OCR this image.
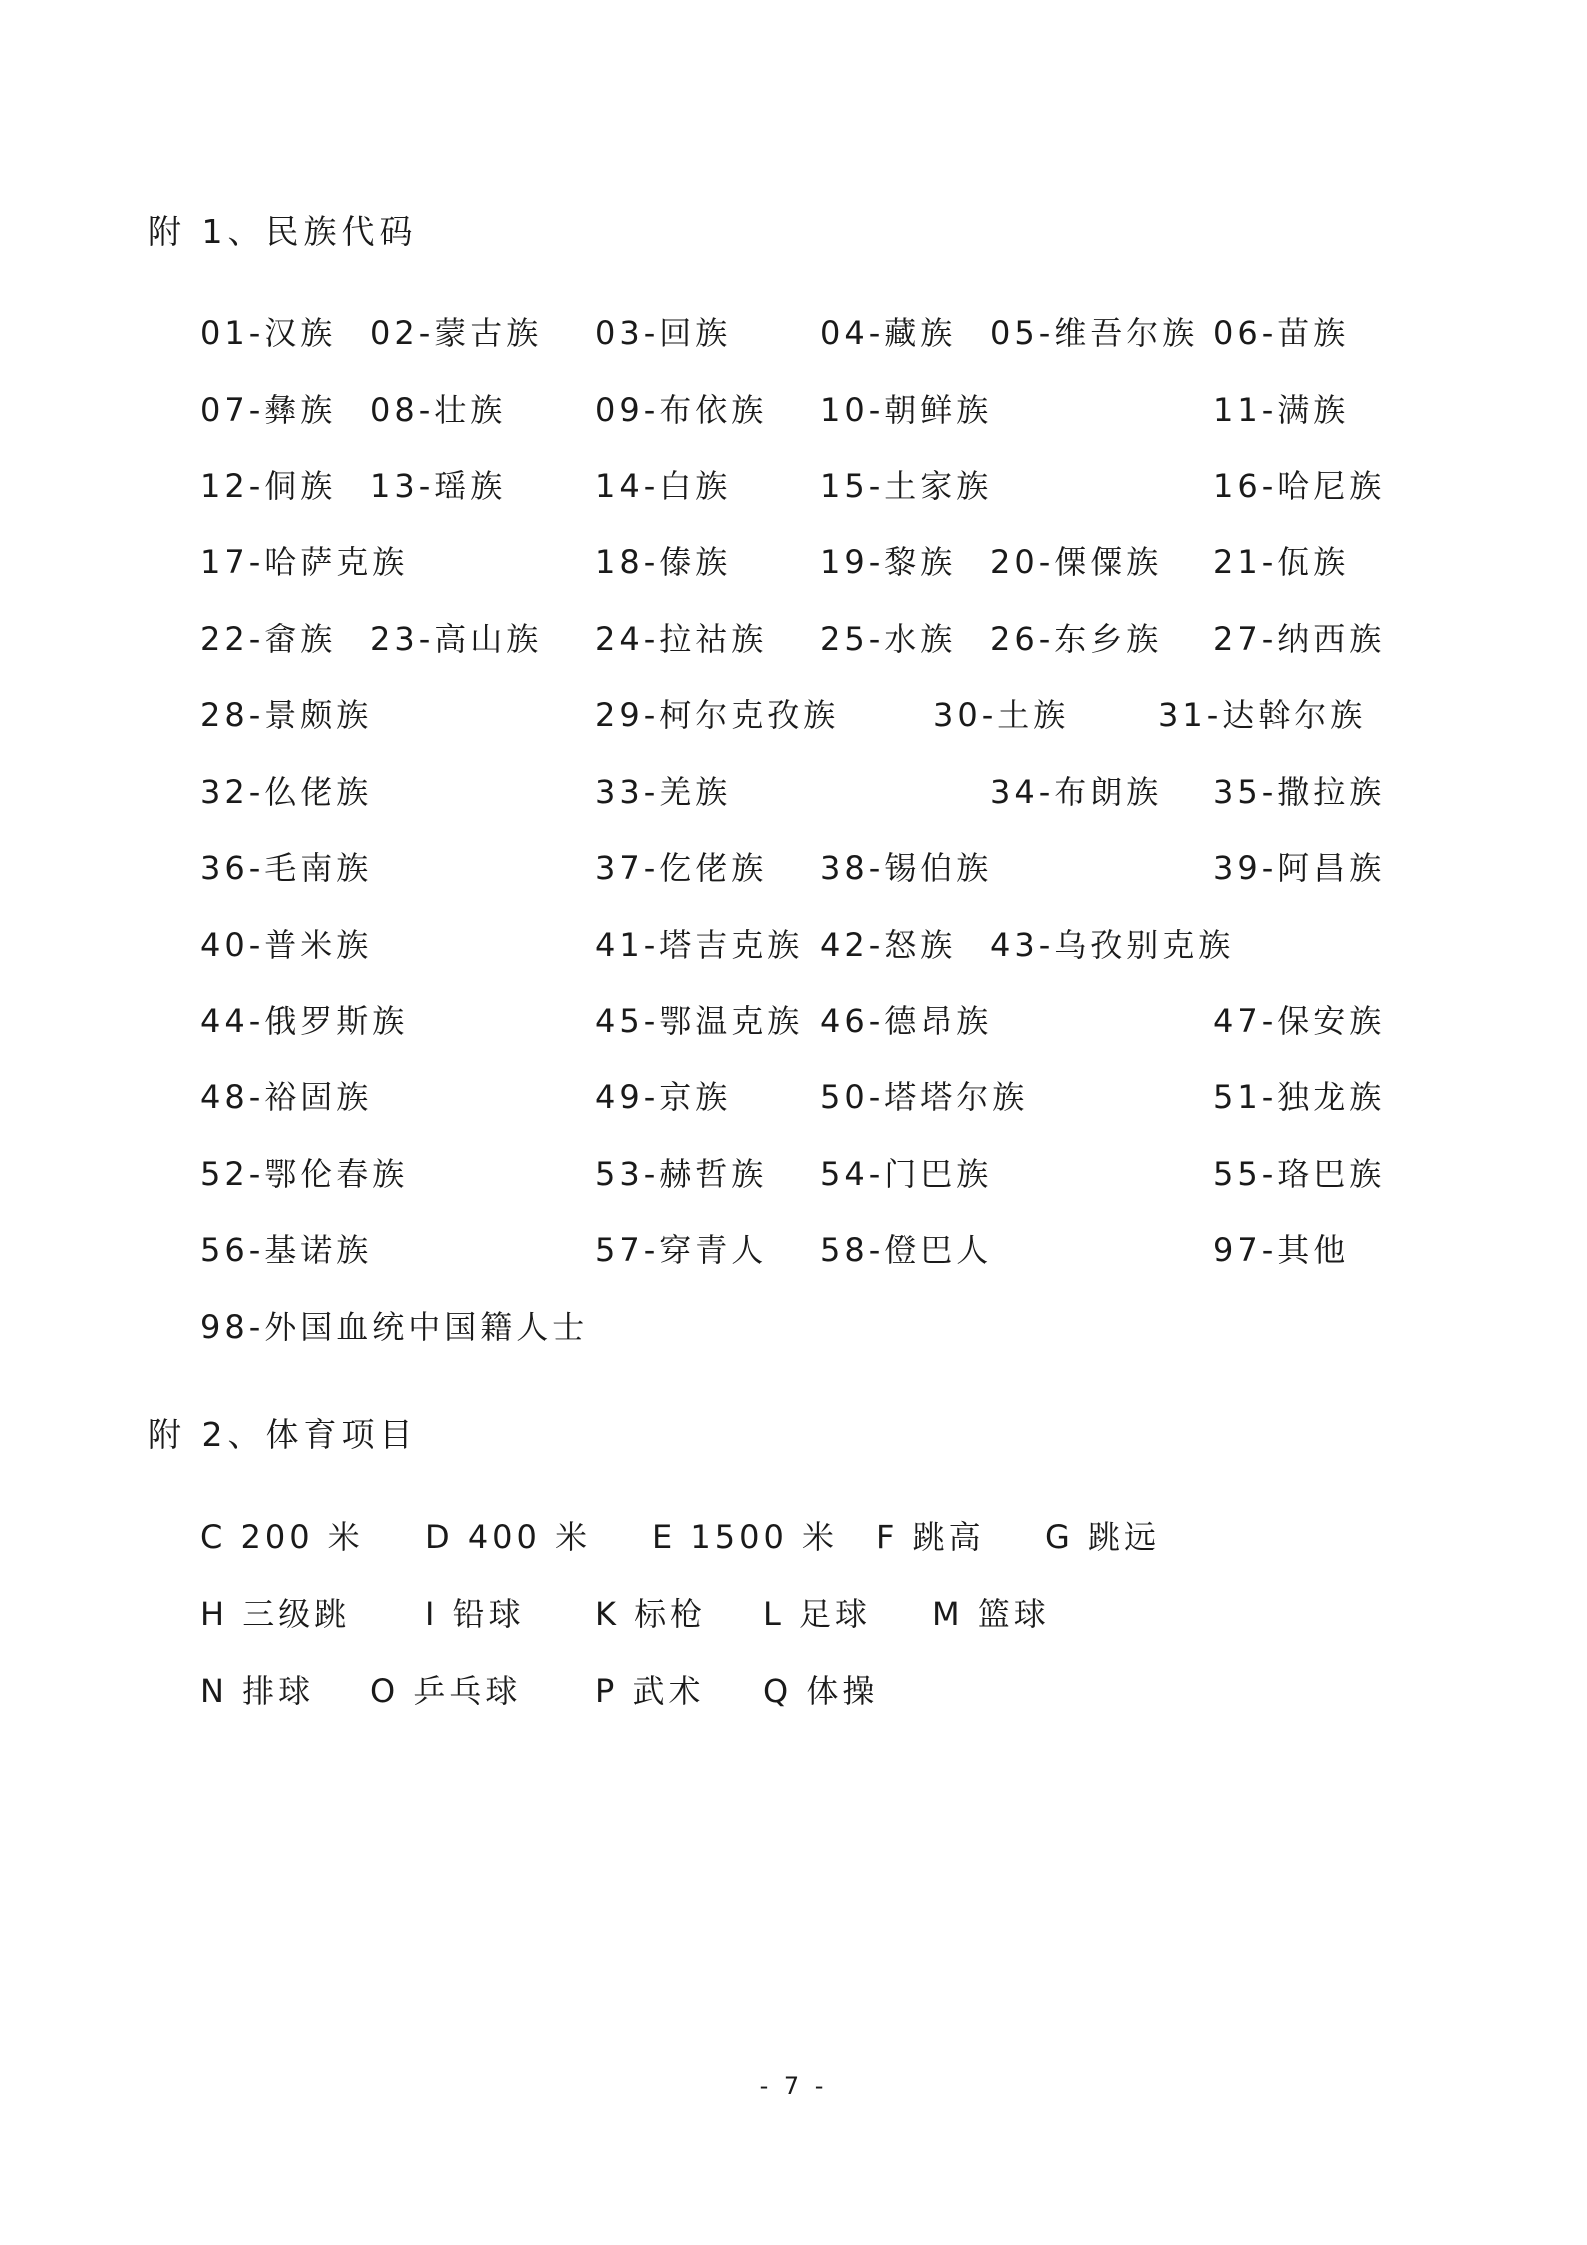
附 1、民族代码
01-汉族 02-蒙古族 03-回族	04-藏族 05-维吾尔族 06-苗族
07-彝族 08-壮族	09-布依族 10-朝鲜族	11-满族
12-侗族 13-瑶族	14-白族	15-土家族	16-哈尼族
17-哈萨克族	18-傣族	19-黎族 20-傈僳族 21-佤族
22-畲族 23-高山族 24-拉祜族 25-水族 26-东乡族 27-纳西族
28-景颇族	29-柯尔克孜族	30-土族	31-达斡尔族
32-仫佬族	33-羌族	34-布朗族 35-撒拉族
36-毛南族	37-仡佬族 38-锡伯族	39-阿昌族
40-普米族	41-塔吉克族 42-怒族 43-乌孜别克族
44-俄罗斯族	45-鄂温克族 46-德昂族	47-保安族
48-裕固族	49-京族	50-塔塔尔族	51-独龙族
52-鄂伦春族	53-赫哲族 54-门巴族	55-珞巴族
56-基诺族	57-穿青人 58-僜巴人	97-其他
98-外国血统中国籍人士
附 2、体育项目
C 200 米 D 400 米 E 1500 米 F 跳高 G 跳远
H 三级跳 I 铅球 K 标枪 L 足球 M 篮球
N 排球 O 乒乓球 P 武术 Q 体操
- 7 -
